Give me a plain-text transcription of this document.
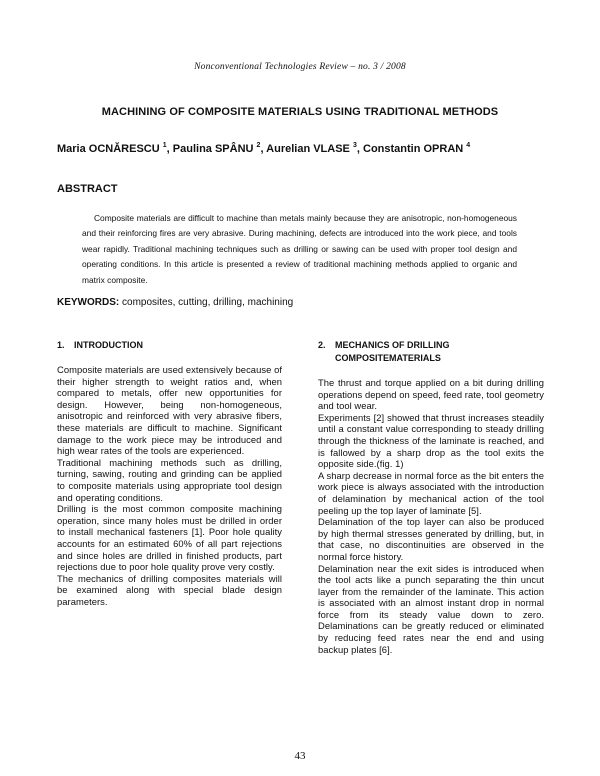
Nonconventional Technologies Review – no. 3 / 2008
MACHINING OF COMPOSITE MATERIALS USING TRADITIONAL METHODS
Maria OCNĂRESCU $^1$, Paulina SPÂNU $^2$, Aurelian VLASE $^3$, Constantin OPRAN $^4$
ABSTRACT
Composite materials are difficult to machine than metals mainly because they are anisotropic, non-homogeneous and their reinforcing fires are very abrasive. During machining, defects are introduced into the work piece, and tools wear rapidly. Traditional machining techniques such as drilling or sawing can be used with proper tool design and operating conditions. In this article is presented a review of traditional machining methods applied to organic and matrix composite.
KEYWORDS: composites, cutting, drilling, machining
1. INTRODUCTION

Composite materials are used extensively because of their higher strength to weight ratios and, when compared to metals, offer new opportunities for design. However, being non-homogeneous, anisotropic and reinforced with very abrasive fibers, these materials are difficult to machine. Significant damage to the work piece may be introduced and high wear rates of the tools are experienced.

Traditional machining methods such as drilling, turning, sawing, routing and grinding can be applied to composite materials using appropriate tool design and operating conditions.

Drilling is the most common composite machining operation, since many holes must be drilled in order to install mechanical fasteners [1]. Poor hole quality accounts for an estimated 60% of all part rejections and since holes are drilled in finished products, part rejections due to poor hole quality prove very costly.

The mechanics of drilling composites materials will be examined along with special blade design parameters.

2. MECHANICS OF DRILLING
COMPOSITEMATERIALS

The thrust and torque applied on a bit during drilling operations depend on speed, feed rate, tool geometry and tool wear.

Experiments [2] showed that thrust increases steadily until a constant value corresponding to steady drilling through the thickness of the laminate is reached, and is fallowed by a sharp drop as the tool exits the opposite side.(fig. 1)

A sharp decrease in normal force as the bit enters the work piece is always associated with the introduction of delamination by mechanical action of the tool peeling up the top layer of laminate [5].

Delamination of the top layer can also be produced by high thermal stresses generated by drilling, but, in that case, no discontinuities are observed in the normal force history.

Delamination near the exit sides is introduced when the tool acts like a punch separating the thin uncut layer from the remainder of the laminate. This action is associated with an almost instant drop in normal force from its steady value down to zero. Delaminations can be greatly reduced or eliminated by reducing feed rates near the end and using backup plates [6].

43
